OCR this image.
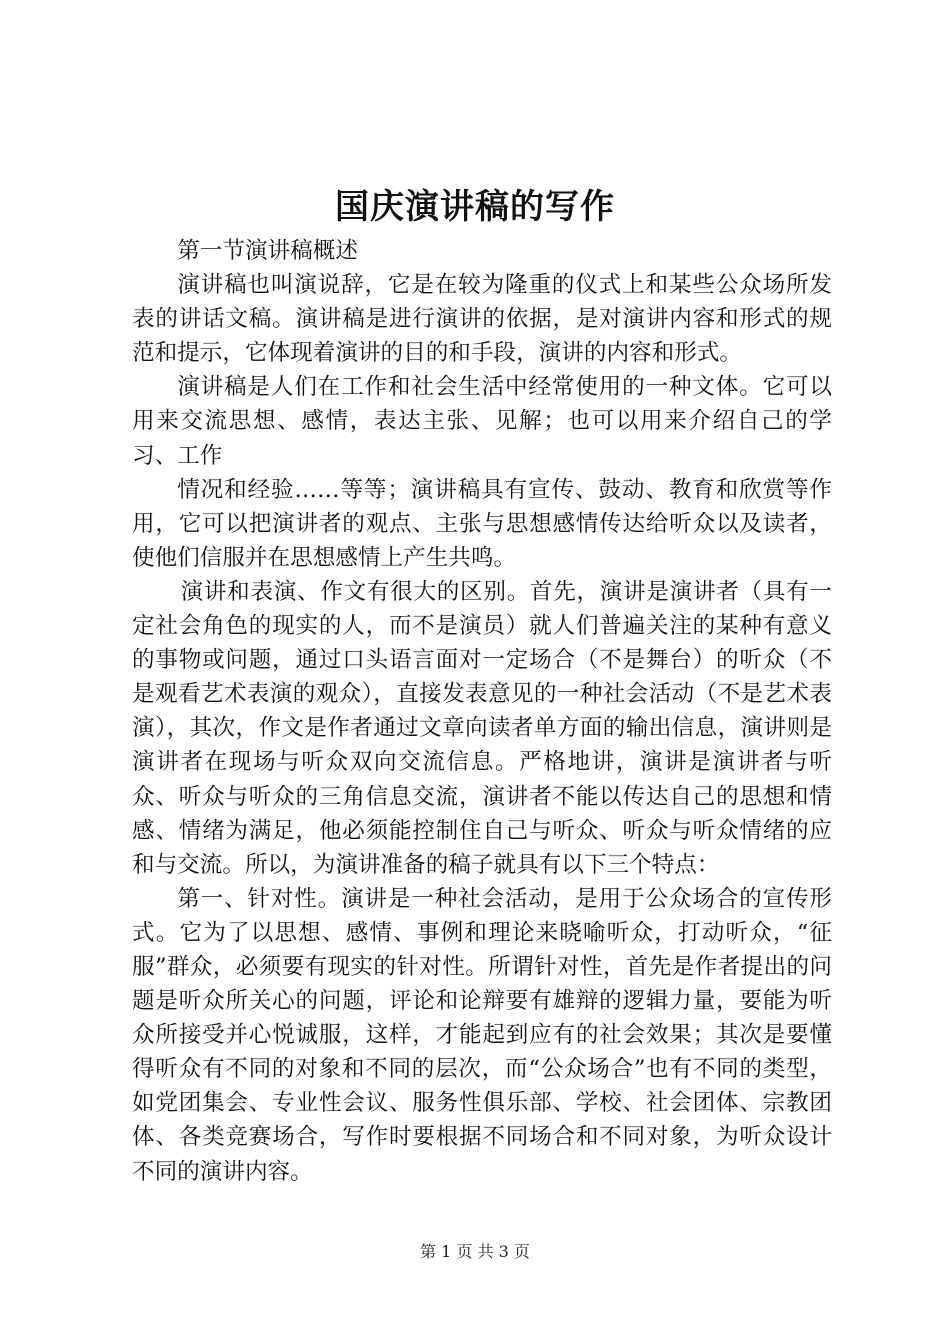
国庆演讲稿的写作

第一节演讲稿概述

演讲稿也叫演说辞，它是在较为隆重的仪式上和某些公众场所发表的讲话文稿。演讲稿是进行演讲的依据，是对演讲内容和形式的规范和提示，它体现着演讲的目的和手段，演讲的内容和形式。

演讲稿是人们在工作和社会生活中经常使用的一种文体。它可以用来交流思想、感情，表达主张、见解；也可以用来介绍自己的学习、工作

情况和经验……等等；演讲稿具有宣传、鼓动、教育和欣赏等作用，它可以把演讲者的观点、主张与思想感情传达给听众以及读者，使他们信服并在思想感情上产生共鸣。

演讲和表演、作文有很大的区别。首先，演讲是演讲者（具有一定社会角色的现实的人，而不是演员）就人们普遍关注的某种有意义的事物或问题，通过口头语言面对一定场合（不是舞台）的听众（不是观看艺术表演的观众），直接发表意见的一种社会活动（不是艺术表演），其次，作文是作者通过文章向读者单方面的输出信息，演讲则是演讲者在现场与听众双向交流信息。严格地讲，演讲是演讲者与听众、听众与听众的三角信息交流，演讲者不能以传达自己的思想和情感、情绪为满足，他必须能控制住自己与听众、听众与听众情绪的应和与交流。所以，为演讲准备的稿子就具有以下三个特点：

第一、针对性。演讲是一种社会活动，是用于公众场合的宣传形式。它为了以思想、感情、事例和理论来晓喻听众，打动听众，“征服”群众，必须要有现实的针对性。所谓针对性，首先是作者提出的问题是听众所关心的问题，评论和论辩要有雄辩的逻辑力量，要能为听众所接受并心悦诚服，这样，才能起到应有的社会效果；其次是要懂得听众有不同的对象和不同的层次，而“公众场合”也有不同的类型，如党团集会、专业性会议、服务性俱乐部、学校、社会团体、宗教团体、各类竞赛场合，写作时要根据不同场合和不同对象，为听众设计不同的演讲内容。

第 1 页 共 3 页
